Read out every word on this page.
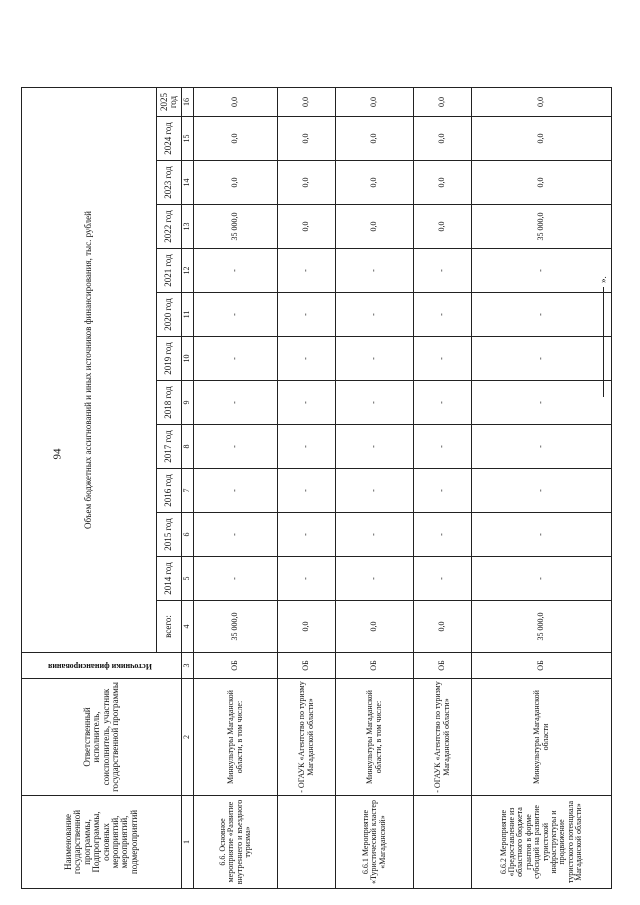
94
Наименование государственной программы, Подпрограммы, основных мероприятий, мероприятий, подмероприятий	Ответственный исполнитель, соисполнитель, участник государственной программы	Источники финансирования	Объем бюджетных ассигнований и иных источников финансирования, тыс. рублей												
			всего:	2014 год	2015 год	2016 год	2017 год	2018 год	2019 год	2020 год	2021 год	2022 год	2023 год	2024 год	2025 год
1	2	3	4	5	6	7	8	9	10	11	12	13	14	15	16
6.6. Основное мероприятие «Развитие внутреннего и въездного туризма»	Минкультуры Магаданской области, в том числе:	ОБ	35 000,0	-	-	-	-	-	-	-	-	35 000,0	0,0	0,0	0,0
	- ОГАУК «Агентство по туризму Магаданской области»	ОБ	0,0	-	-	-	-	-	-	-	-	0,0	0,0	0,0	0,0
6.6.1 Мероприятие «Туристический кластер «Магаданский»	Минкультуры Магаданской области, в том числе:	ОБ	0,0	-	-	-	-	-	-	-	-	0,0	0,0	0,0	0,0
	- ОГАУК «Агентство по туризму Магаданской области»	ОБ	0,0	-	-	-	-	-	-	-	-	0,0	0,0	0,0	0,0
6.6.2 Мероприятие «Предоставление из областного бюджета грантов в форме субсидий на развитие туристской инфраструктуры и продвижение туристского потенциала Магаданской области»	Минкультуры Магаданской области	ОБ	35 000,0	-	-	-	-	-	-	-	-	35 000,0	0,0	0,0	0,0
».
